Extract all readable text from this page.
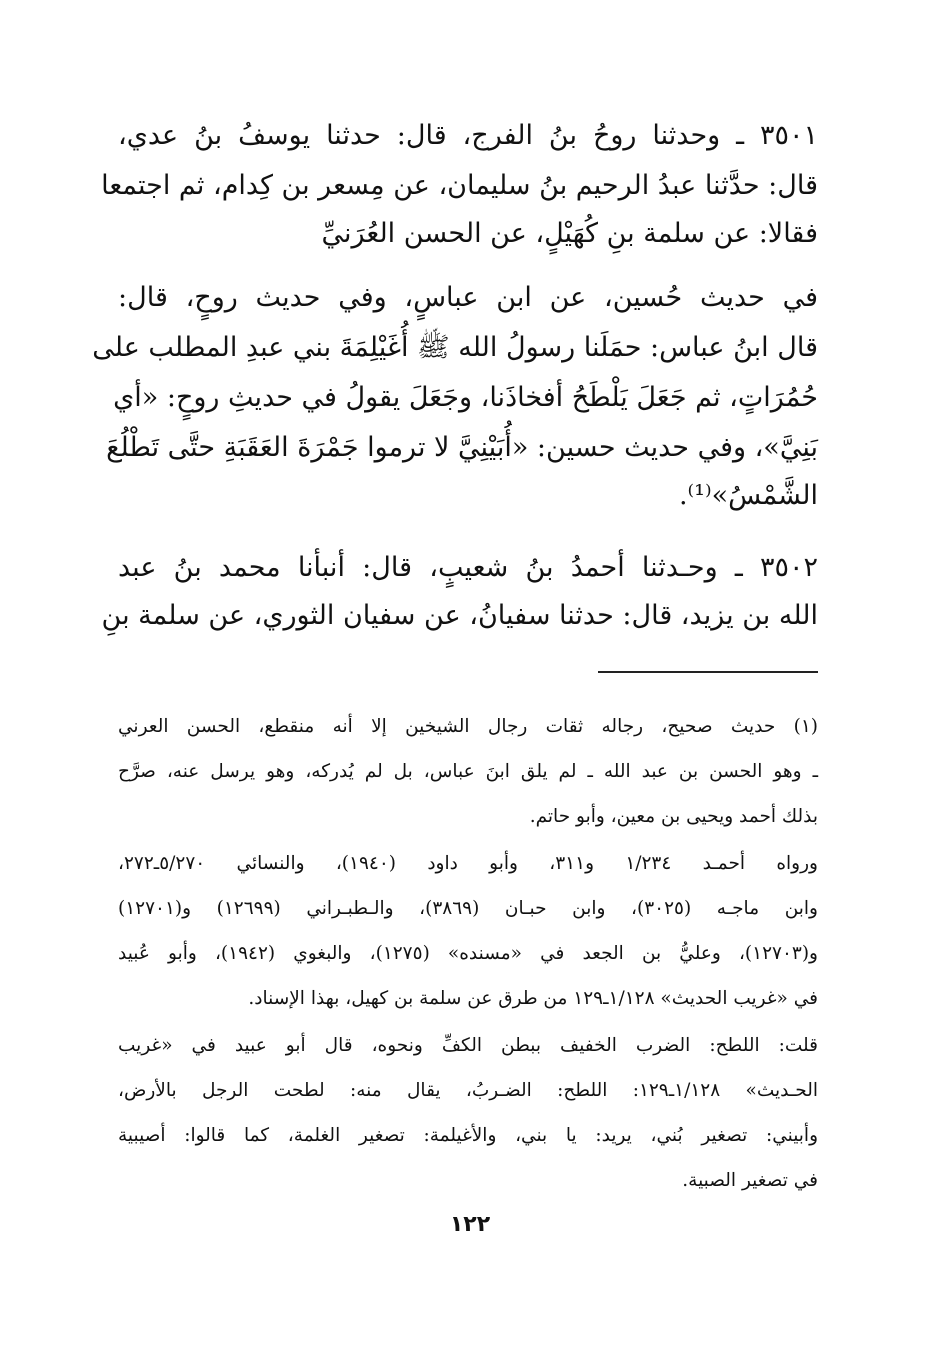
٣٥٠١ ـ وحدثنا روحُ بنُ الفرج، قال: حدثنا يوسفُ بنُ عدي،
قال: حدَّثنا عبدُ الرحيم بنُ سليمان، عن مِسعر بن كِدام، ثم اجتمعا
فقالا: عن سلمة بنِ كُهَيْلٍ، عن الحسن العُرَنيِّ
في حديث حُسين، عن ابن عباسٍ، وفي حديث روحٍ، قال:
قال ابنُ عباس: حمَلَنا رسولُ الله ﷺ أُغَيْلِمَةَ بني عبدِ المطلب على
حُمُرَاتٍ، ثم جَعَلَ يَلْطَحُ أفخاذَنا، وجَعَلَ يقولُ في حديثِ روحٍ: «أي
بَنِيَّ»، وفي حديث حسين: «أُبَيْنِيَّ لا ترموا جَمْرَةَ العَقَبَةِ حتَّى تَطْلُعَ
الشَّمْسُ»⁽¹⁾.
٣٥٠٢ ـ وحـدثنا أحمدُ بنُ شعيبٍ، قال: أنبأنا محمد بنُ عبد
الله بن يزيد، قال: حدثنا سفيانُ، عن سفيان الثوري، عن سلمة بنِ
(١) حديث صحيح، رجاله ثقات رجال الشيخين إلا أنه منقطع، الحسن العرني
ـ وهو الحسن بن عبد الله ـ لم يلق ابنَ عباس، بل لم يُدركه، وهو يرسل عنه، صرَّح
بذلك أحمد ويحيى بن معين، وأبو حاتم.
ورواه أحمـد ١/٢٣٤ و٣١١، وأبو داود (١٩٤٠)، والنسائي ٥/٢٧٠ـ٢٧٢،
وابن ماجـه (٣٠٢٥)، وابن حبـان (٣٨٦٩)، والـطبـراني (١٢٦٩٩) و(١٢٧٠١)
و(١٢٧٠٣)، وعليُّ بن الجعد في «مسنده» (١٢٧٥)، والبغوي (١٩٤٢)، وأبو عُبيد
في «غريب الحديث» ١/١٢٨ـ١٢٩ من طرق عن سلمة بن كهيل، بهذا الإسناد.
قلت: اللطح: الضرب الخفيف ببطن الكفِّ ونحوه، قال أبو عبيد في «غريب
الحـديث» ١/١٢٨ـ١٢٩: اللطح: الضـربُ، يقال منه: لطحت الرجل بالأرض،
وأبيني: تصغير بُني، يريد: يا بني، والأغيلمة: تصغير الغلمة، كما قالوا: أصيبية
في تصغير الصبية.
١٢٢
